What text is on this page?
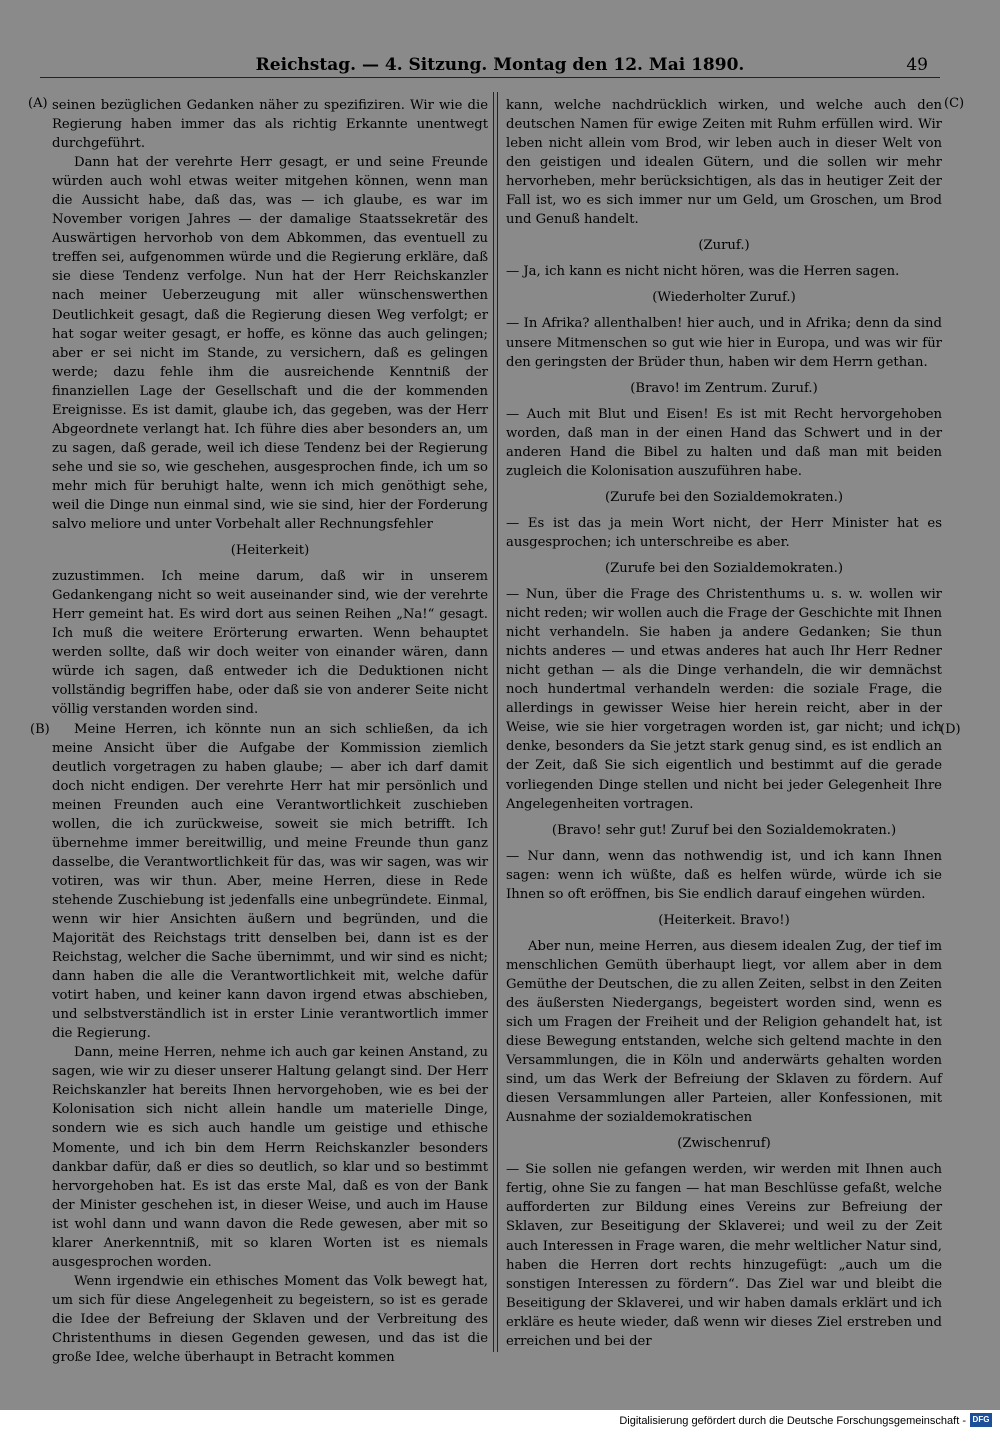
Reichstag. — 4. Sitzung. Montag den 12. Mai 1890.	49
(A)
(B)
(C)
(D)

seinen bezüglichen Gedanken näher zu spezifiziren. Wir wie die Regierung haben immer das als richtig Erkannte unentwegt durchgeführt.

Dann hat der verehrte Herr gesagt, er und seine Freunde würden auch wohl etwas weiter mitgehen können, wenn man die Aussicht habe, daß das, was — ich glaube, es war im November vorigen Jahres — der damalige Staatssekretär des Auswärtigen hervorhob von dem Abkommen, das eventuell zu treffen sei, aufgenommen würde und die Regierung erkläre, daß sie diese Tendenz verfolge. Nun hat der Herr Reichskanzler nach meiner Ueberzeugung mit aller wünschenswerthen Deutlichkeit gesagt, daß die Regierung diesen Weg verfolgt; er hat sogar weiter gesagt, er hoffe, es könne das auch gelingen; aber er sei nicht im Stande, zu versichern, daß es gelingen werde; dazu fehle ihm die ausreichende Kenntniß der finanziellen Lage der Gesellschaft und die der kommenden Ereignisse. Es ist damit, glaube ich, das gegeben, was der Herr Abgeordnete verlangt hat. Ich führe dies aber besonders an, um zu sagen, daß gerade, weil ich diese Tendenz bei der Regierung sehe und sie so, wie geschehen, ausgesprochen finde, ich um so mehr mich für beruhigt halte, wenn ich mich genöthigt sehe, weil die Dinge nun einmal sind, wie sie sind, hier der Forderung salvo meliore und unter Vorbehalt aller Rechnungsfehler

(Heiterkeit)

zuzustimmen. Ich meine darum, daß wir in unserem Gedankengang nicht so weit auseinander sind, wie der verehrte Herr gemeint hat. Es wird dort aus seinen Reihen „Na!“ gesagt. Ich muß die weitere Erörterung erwarten. Wenn behauptet werden sollte, daß wir doch weiter von einander wären, dann würde ich sagen, daß entweder ich die Deduktionen nicht vollständig begriffen habe, oder daß sie von anderer Seite nicht völlig verstanden worden sind.

Meine Herren, ich könnte nun an sich schließen, da ich meine Ansicht über die Aufgabe der Kommission ziemlich deutlich vorgetragen zu haben glaube; — aber ich darf damit doch nicht endigen. Der verehrte Herr hat mir persönlich und meinen Freunden auch eine Verantwortlichkeit zuschieben wollen, die ich zurückweise, soweit sie mich betrifft. Ich übernehme immer bereitwillig, und meine Freunde thun ganz dasselbe, die Verantwortlichkeit für das, was wir sagen, was wir votiren, was wir thun. Aber, meine Herren, diese in Rede stehende Zuschiebung ist jedenfalls eine unbegründete. Einmal, wenn wir hier Ansichten äußern und begründen, und die Majorität des Reichstags tritt denselben bei, dann ist es der Reichstag, welcher die Sache übernimmt, und wir sind es nicht; dann haben die alle die Verantwortlichkeit mit, welche dafür votirt haben, und keiner kann davon irgend etwas abschieben, und selbstverständlich ist in erster Linie verantwortlich immer die Regierung.

Dann, meine Herren, nehme ich auch gar keinen Anstand, zu sagen, wie wir zu dieser unserer Haltung gelangt sind. Der Herr Reichskanzler hat bereits Ihnen hervorgehoben, wie es bei der Kolonisation sich nicht allein handle um materielle Dinge, sondern wie es sich auch handle um geistige und ethische Momente, und ich bin dem Herrn Reichskanzler besonders dankbar dafür, daß er dies so deutlich, so klar und so bestimmt hervorgehoben hat. Es ist das erste Mal, daß es von der Bank der Minister geschehen ist, in dieser Weise, und auch im Hause ist wohl dann und wann davon die Rede gewesen, aber mit so klarer Anerkenntniß, mit so klaren Worten ist es niemals ausgesprochen worden.

Wenn irgendwie ein ethisches Moment das Volk bewegt hat, um sich für diese Angelegenheit zu begeistern, so ist es gerade die Idee der Befreiung der Sklaven und der Verbreitung des Christenthums in diesen Gegenden gewesen, und das ist die große Idee, welche überhaupt in Betracht kommen

kann, welche nachdrücklich wirken, und welche auch den deutschen Namen für ewige Zeiten mit Ruhm erfüllen wird. Wir leben nicht allein vom Brod, wir leben auch in dieser Welt von den geistigen und idealen Gütern, und die sollen wir mehr hervorheben, mehr berücksichtigen, als das in heutiger Zeit der Fall ist, wo es sich immer nur um Geld, um Groschen, um Brod und Genuß handelt.

(Zuruf.)

— Ja, ich kann es nicht nicht hören, was die Herren sagen.

(Wiederholter Zuruf.)

— In Afrika? allenthalben! hier auch, und in Afrika; denn da sind unsere Mitmenschen so gut wie hier in Europa, und was wir für den geringsten der Brüder thun, haben wir dem Herrn gethan.

(Bravo! im Zentrum. Zuruf.)

— Auch mit Blut und Eisen! Es ist mit Recht hervorgehoben worden, daß man in der einen Hand das Schwert und in der anderen Hand die Bibel zu halten und daß man mit beiden zugleich die Kolonisation auszuführen habe.

(Zurufe bei den Sozialdemokraten.)

— Es ist das ja mein Wort nicht, der Herr Minister hat es ausgesprochen; ich unterschreibe es aber.

(Zurufe bei den Sozialdemokraten.)

— Nun, über die Frage des Christenthums u. s. w. wollen wir nicht reden; wir wollen auch die Frage der Geschichte mit Ihnen nicht verhandeln. Sie haben ja andere Gedanken; Sie thun nichts anderes — und etwas anderes hat auch Ihr Herr Redner nicht gethan — als die Dinge verhandeln, die wir demnächst noch hundertmal verhandeln werden: die soziale Frage, die allerdings in gewisser Weise hier herein reicht, aber in der Weise, wie sie hier vorgetragen worden ist, gar nicht; und ich denke, besonders da Sie jetzt stark genug sind, es ist endlich an der Zeit, daß Sie sich eigentlich und bestimmt auf die gerade vorliegenden Dinge stellen und nicht bei jeder Gelegenheit Ihre Angelegenheiten vortragen.

(Bravo! sehr gut! Zuruf bei den Sozialdemokraten.)

— Nur dann, wenn das nothwendig ist, und ich kann Ihnen sagen: wenn ich wüßte, daß es helfen würde, würde ich sie Ihnen so oft eröffnen, bis Sie endlich darauf eingehen würden.

(Heiterkeit. Bravo!)

Aber nun, meine Herren, aus diesem idealen Zug, der tief im menschlichen Gemüth überhaupt liegt, vor allem aber in dem Gemüthe der Deutschen, die zu allen Zeiten, selbst in den Zeiten des äußersten Niedergangs, begeistert worden sind, wenn es sich um Fragen der Freiheit und der Religion gehandelt hat, ist diese Bewegung entstanden, welche sich geltend machte in den Versammlungen, die in Köln und anderwärts gehalten worden sind, um das Werk der Befreiung der Sklaven zu fördern. Auf diesen Versammlungen aller Parteien, aller Konfessionen, mit Ausnahme der sozialdemokratischen

(Zwischenruf)

— Sie sollen nie gefangen werden, wir werden mit Ihnen auch fertig, ohne Sie zu fangen — hat man Beschlüsse gefaßt, welche aufforderten zur Bildung eines Vereins zur Befreiung der Sklaven, zur Beseitigung der Sklaverei; und weil zu der Zeit auch Interessen in Frage waren, die mehr weltlicher Natur sind, haben die Herren dort rechts hinzugefügt: „auch um die sonstigen Interessen zu fördern“. Das Ziel war und bleibt die Beseitigung der Sklaverei, und wir haben damals erklärt und ich erkläre es heute wieder, daß wenn wir dieses Ziel erstreben und erreichen und bei der

Digitalisierung gefördert durch die Deutsche Forschungsgemeinschaft - DFG
